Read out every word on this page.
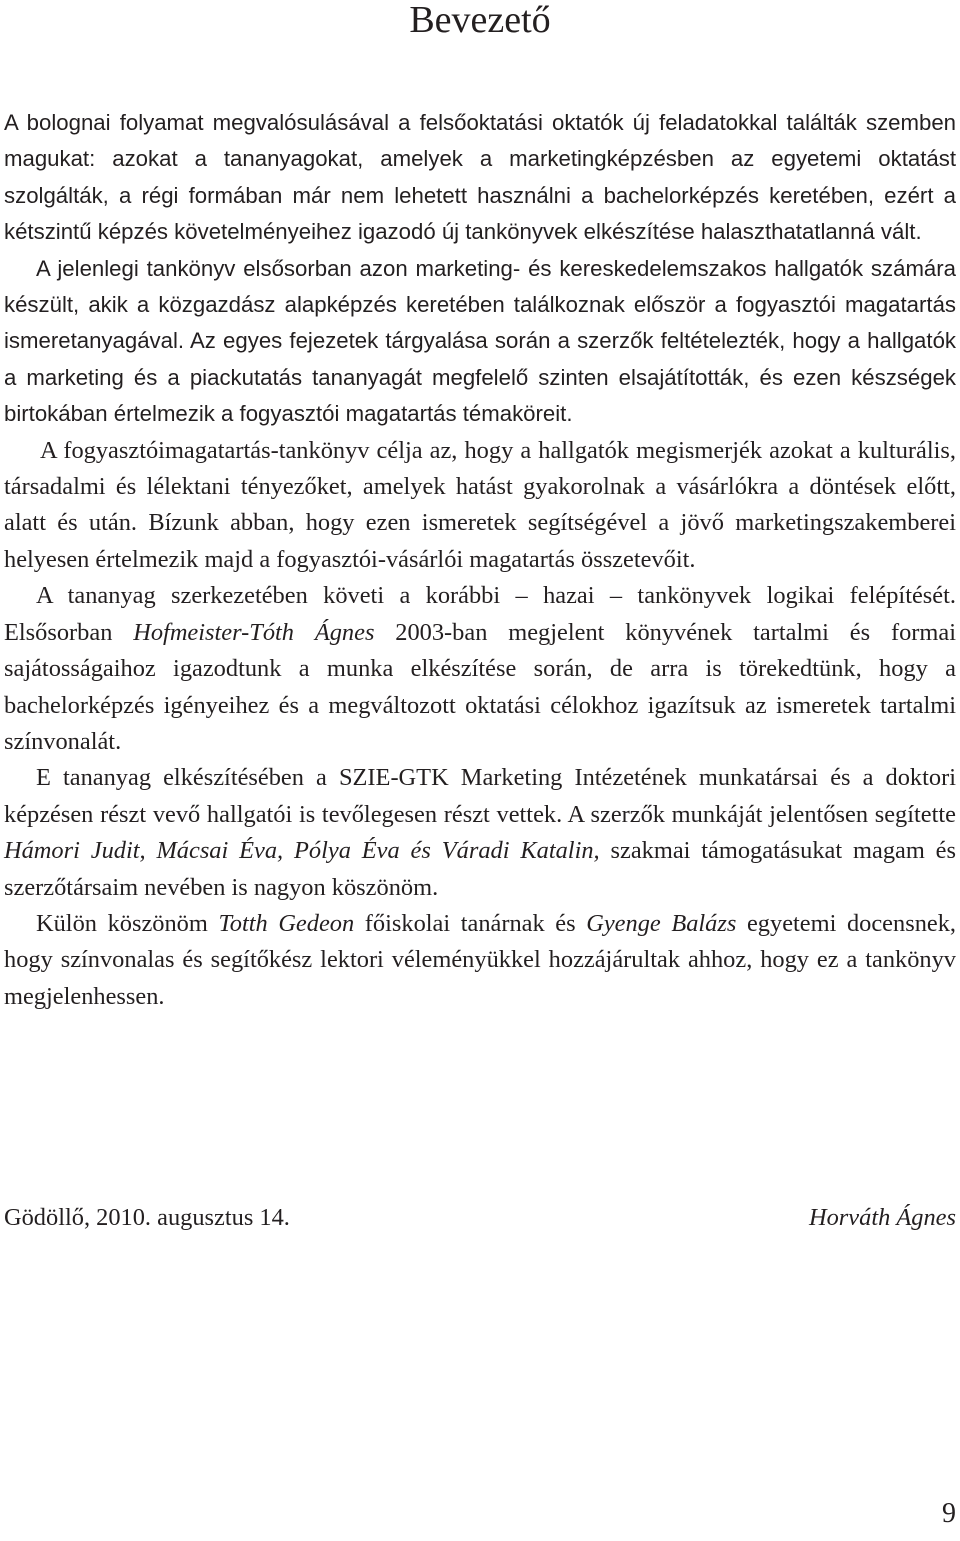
Bevezető

A bolognai folyamat megvalósulásával a felsőoktatási oktatók új feladatokkal találták szemben magukat: azokat a tananyagokat, amelyek a marketingképzésben az egyetemi oktatást szolgálták, a régi formában már nem lehetett használni a bachelorképzés keretében, ezért a kétszintű képzés követelményeihez igazodó új tankönyvek elkészítése halaszthatatlanná vált.

A jelenlegi tankönyv elsősorban azon marketing- és kereskedelemszakos hallgatók számára készült, akik a közgazdász alapképzés keretében találkoznak először a fogyasztói magatartás ismeretanyagával. Az egyes fejezetek tárgyalása során a szerzők feltételezték, hogy a hallgatók a marketing és a piackutatás tananyagát megfelelő szinten elsajátították, és ezen készségek birtokában értelmezik a fogyasztói magatartás témaköreit.

A fogyasztóimagatartás-tankönyv célja az, hogy a hallgatók megismerjék azokat a kulturális, társadalmi és lélektani tényezőket, amelyek hatást gyakorolnak a vásárlókra a döntések előtt, alatt és után. Bízunk abban, hogy ezen ismeretek segítségével a jövő marketingszakemberei helyesen értelmezik majd a fogyasztói-vásárlói magatartás összetevőit.

A tananyag szerkezetében követi a korábbi – hazai – tankönyvek logikai felépítését. Elsősorban Hofmeister-Tóth Ágnes 2003-ban megjelent könyvének tartalmi és formai sajátosságaihoz igazodtunk a munka elkészítése során, de arra is törekedtünk, hogy a bachelorképzés igényeihez és a megváltozott oktatási célokhoz igazítsuk az ismeretek tartalmi színvonalát.

E tananyag elkészítésében a SZIE-GTK Marketing Intézetének munkatársai és a doktori képzésen részt vevő hallgatói is tevőlegesen részt vettek. A szerzők munkáját jelentősen segítette Hámori Judit, Mácsai Éva, Pólya Éva és Váradi Katalin, szakmai támogatásukat magam és szerzőtársaim nevében is nagyon köszönöm.

Külön köszönöm Totth Gedeon főiskolai tanárnak és Gyenge Balázs egyetemi docensnek, hogy színvonalas és segítőkész lektori véleményükkel hozzájárultak ahhoz, hogy ez a tankönyv megjelenhessen.

Gödöllő, 2010. augusztus 14.	Horváth Ágnes
9
